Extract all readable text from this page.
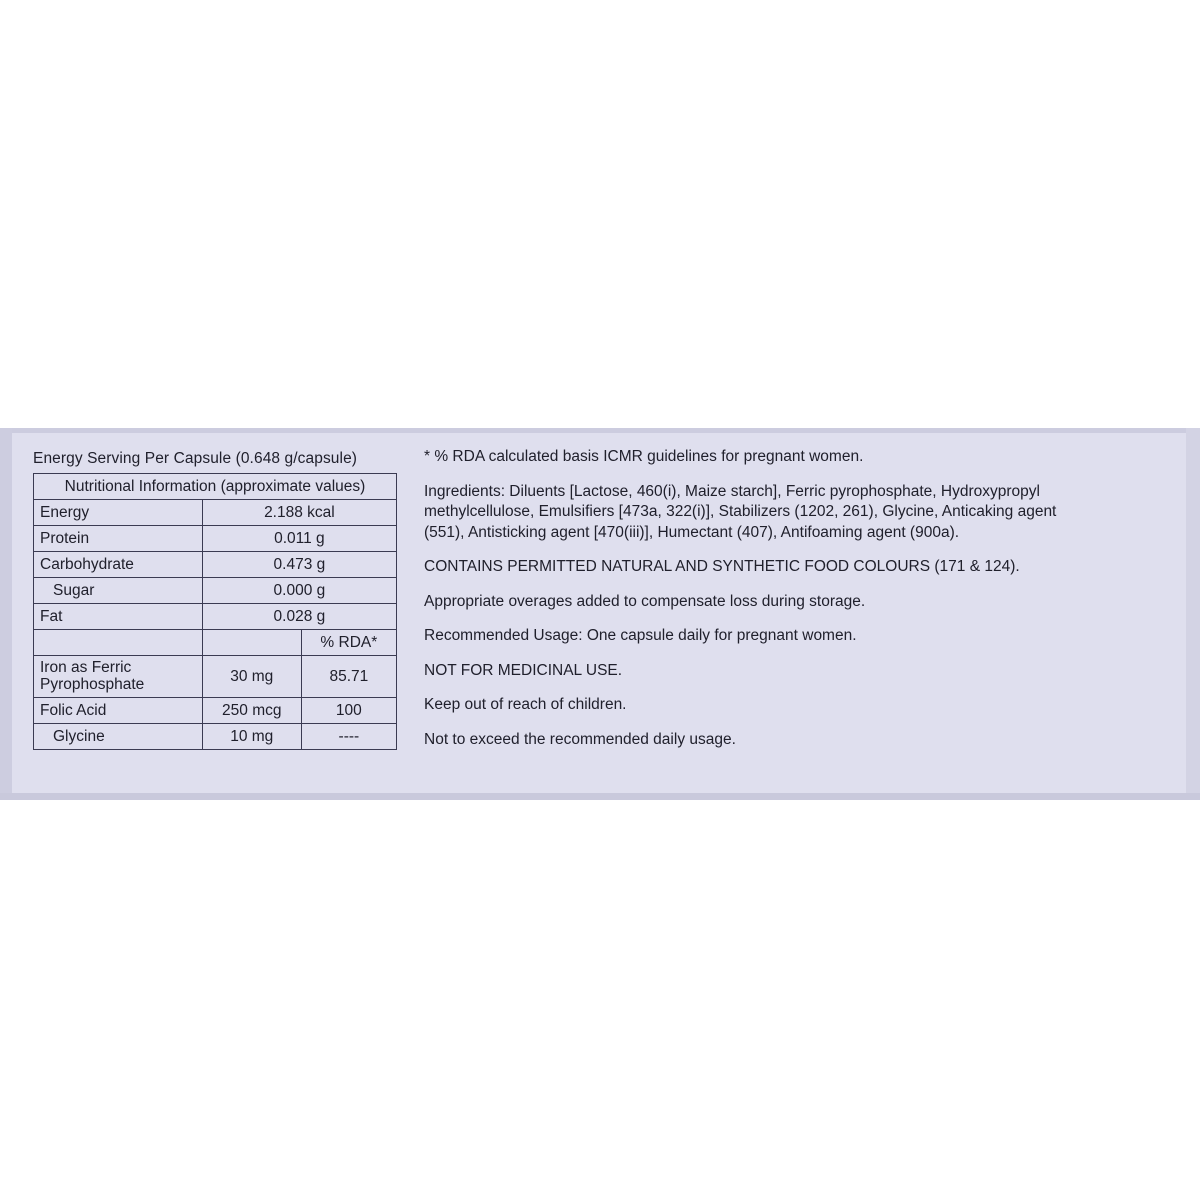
Energy Serving Per Capsule (0.648 g/capsule)
Nutritional Information (approximate values)		
Energy	2.188 kcal	
Protein	0.011 g	
Carbohydrate	0.473 g	
Sugar	0.000 g	
Fat	0.028 g	
		% RDA*
Iron as Ferric
Pyrophosphate	30 mg	85.71
Folic Acid	250 mcg	100
Glycine	10 mg	----

* % RDA calculated basis ICMR guidelines for pregnant women.

Ingredients: Diluents [Lactose, 460(i), Maize starch], Ferric pyrophosphate, Hydroxypropyl methylcellulose, Emulsifiers [473a, 322(i)], Stabilizers (1202, 261), Glycine, Anticaking agent (551), Antisticking agent [470(iii)], Humectant (407), Antifoaming agent (900a).

CONTAINS PERMITTED NATURAL AND SYNTHETIC FOOD COLOURS (171 & 124).

Appropriate overages added to compensate loss during storage.

Recommended Usage: One capsule daily for pregnant women.

NOT FOR MEDICINAL USE.

Keep out of reach of children.

Not to exceed the recommended daily usage.
